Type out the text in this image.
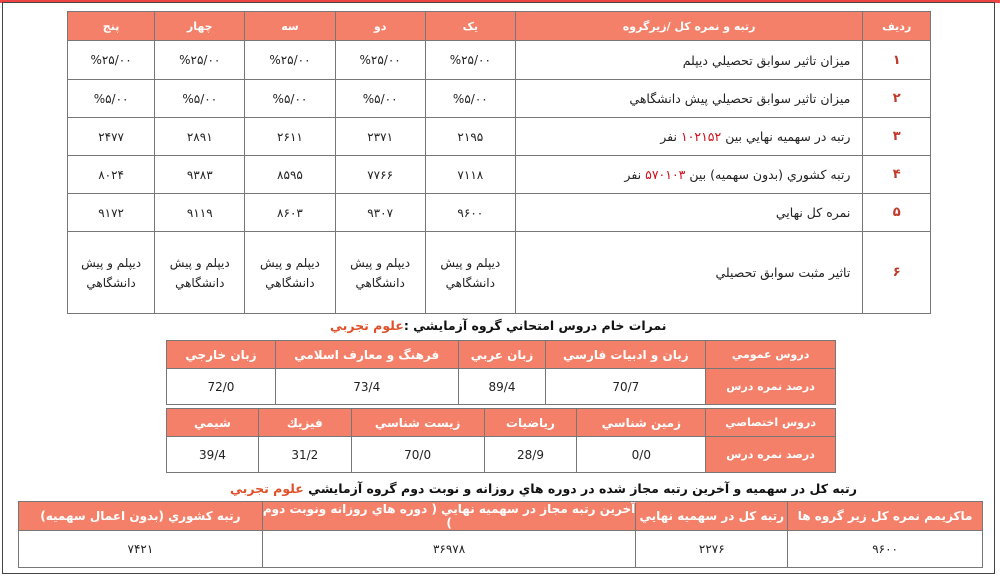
ردیف	رتبه و نمره کل /زیرگروه	یک	دو	سه	چهار	پنج
۱	میزان تاثیر سوابق تحصیلي ديپلم	%۲۵/۰۰	%۲۵/۰۰	%۲۵/۰۰	%۲۵/۰۰	%۲۵/۰۰
۲	میزان تاثير سوابق تحصيلي پيش دانشگاهي	%۵/۰۰	%۵/۰۰	%۵/۰۰	%۵/۰۰	%۵/۰۰
۳	رتبه در سهميه نهايي بين ۱۰۲۱۵۲ نفر	۲۱۹۵	۲۳۷۱	۲۶۱۱	۲۸۹۱	۲۴۷۷
۴	رتبه کشوري (بدون سهميه) بين ۵۷۰۱۰۳ نفر	۷۱۱۸	۷۷۶۶	۸۵۹۵	۹۳۸۳	۸۰۲۴
۵	نمره کل نهايي	۹۶۰۰	۹۳۰۷	۸۶۰۳	۹۱۱۹	۹۱۷۲
۶	تاثير مثبت سوابق تحصيلي	ديپلم و پيش دانشگاهي	ديپلم و پيش دانشگاهي	ديپلم و پيش دانشگاهي	ديپلم و پيش دانشگاهي	ديپلم و پيش دانشگاهي
نمرات خام دروس امتحاني گروه آزمايشي :علوم تجربي
دروس عمومي	زبان و ادبيات فارسي	زبان عربي	فرهنگ و معارف اسلامي	زبان خارجي
درصد نمره درس	70/7	89/4	73/4	72/0
دروس اختصاصي	زمين شناسي	رياضيات	زيست شناسي	فيزيك	شيمي
درصد نمره درس	0/0	28/9	70/0	31/2	39/4
رتبه کل در سهميه و آخرين رتبه مجاز شده در دوره هاي روزانه و نوبت دوم گروه آزمايشي علوم تجربي
ماکزيمم نمره کل زير گروه ها	رتبه کل در سهميه نهايي	آخرين رتبه مجاز در سهميه نهايي ( دوره هاي روزانه ونوبت دوم )	رتبه کشوري (بدون اعمال سهميه)
۹۶۰۰	۲۲۷۶	۳۶۹۷۸	۷۴۲۱
